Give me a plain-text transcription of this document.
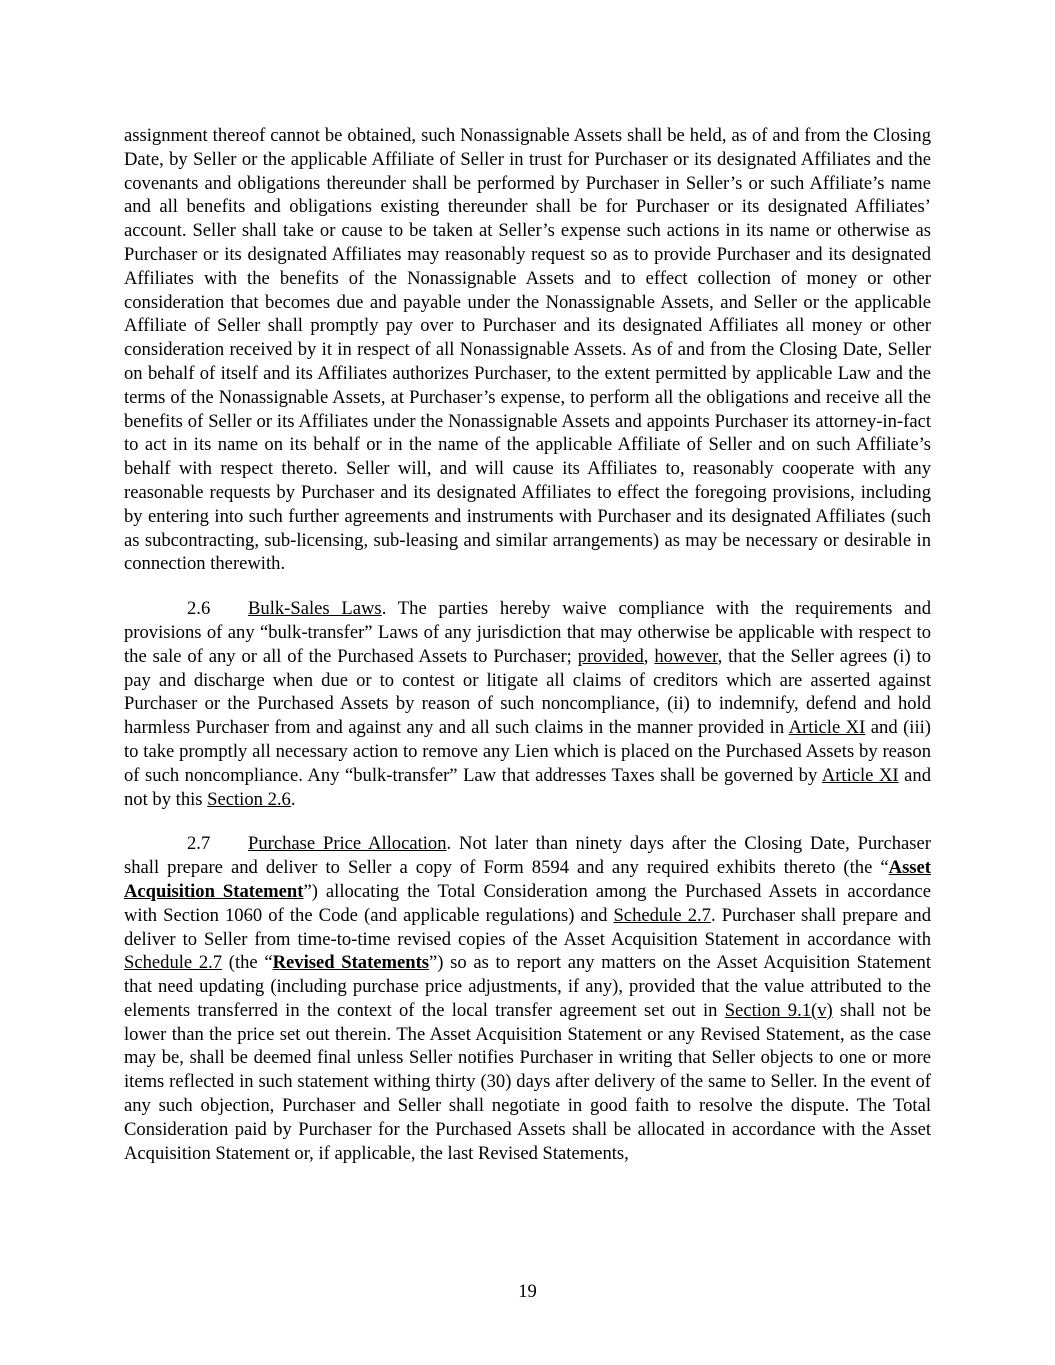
assignment thereof cannot be obtained, such Nonassignable Assets shall be held, as of and from the Closing Date, by Seller or the applicable Affiliate of Seller in trust for Purchaser or its designated Affiliates and the covenants and obligations thereunder shall be performed by Purchaser in Seller’s or such Affiliate’s name and all benefits and obligations existing thereunder shall be for Purchaser or its designated Affiliates’ account. Seller shall take or cause to be taken at Seller’s expense such actions in its name or otherwise as Purchaser or its designated Affiliates may reasonably request so as to provide Purchaser and its designated Affiliates with the benefits of the Nonassignable Assets and to effect collection of money or other consideration that becomes due and payable under the Nonassignable Assets, and Seller or the applicable Affiliate of Seller shall promptly pay over to Purchaser and its designated Affiliates all money or other consideration received by it in respect of all Nonassignable Assets. As of and from the Closing Date, Seller on behalf of itself and its Affiliates authorizes Purchaser, to the extent permitted by applicable Law and the terms of the Nonassignable Assets, at Purchaser’s expense, to perform all the obligations and receive all the benefits of Seller or its Affiliates under the Nonassignable Assets and appoints Purchaser its attorney-in-fact to act in its name on its behalf or in the name of the applicable Affiliate of Seller and on such Affiliate’s behalf with respect thereto. Seller will, and will cause its Affiliates to, reasonably cooperate with any reasonable requests by Purchaser and its designated Affiliates to effect the foregoing provisions, including by entering into such further agreements and instruments with Purchaser and its designated Affiliates (such as subcontracting, sub-licensing, sub-leasing and similar arrangements) as may be necessary or desirable in connection therewith.

2.6 Bulk-Sales Laws. The parties hereby waive compliance with the requirements and provisions of any “bulk-transfer” Laws of any jurisdiction that may otherwise be applicable with respect to the sale of any or all of the Purchased Assets to Purchaser; provided, however, that the Seller agrees (i) to pay and discharge when due or to contest or litigate all claims of creditors which are asserted against Purchaser or the Purchased Assets by reason of such noncompliance, (ii) to indemnify, defend and hold harmless Purchaser from and against any and all such claims in the manner provided in Article XI and (iii) to take promptly all necessary action to remove any Lien which is placed on the Purchased Assets by reason of such noncompliance. Any “bulk-transfer” Law that addresses Taxes shall be governed by Article XI and not by this Section 2.6.

2.7 Purchase Price Allocation. Not later than ninety days after the Closing Date, Purchaser shall prepare and deliver to Seller a copy of Form 8594 and any required exhibits thereto (the “Asset Acquisition Statement”) allocating the Total Consideration among the Purchased Assets in accordance with Section 1060 of the Code (and applicable regulations) and Schedule 2.7. Purchaser shall prepare and deliver to Seller from time-to-time revised copies of the Asset Acquisition Statement in accordance with Schedule 2.7 (the “Revised Statements”) so as to report any matters on the Asset Acquisition Statement that need updating (including purchase price adjustments, if any), provided that the value attributed to the elements transferred in the context of the local transfer agreement set out in Section 9.1(v) shall not be lower than the price set out therein. The Asset Acquisition Statement or any Revised Statement, as the case may be, shall be deemed final unless Seller notifies Purchaser in writing that Seller objects to one or more items reflected in such statement withing thirty (30) days after delivery of the same to Seller. In the event of any such objection, Purchaser and Seller shall negotiate in good faith to resolve the dispute. The Total Consideration paid by Purchaser for the Purchased Assets shall be allocated in accordance with the Asset Acquisition Statement or, if applicable, the last Revised Statements,

19
